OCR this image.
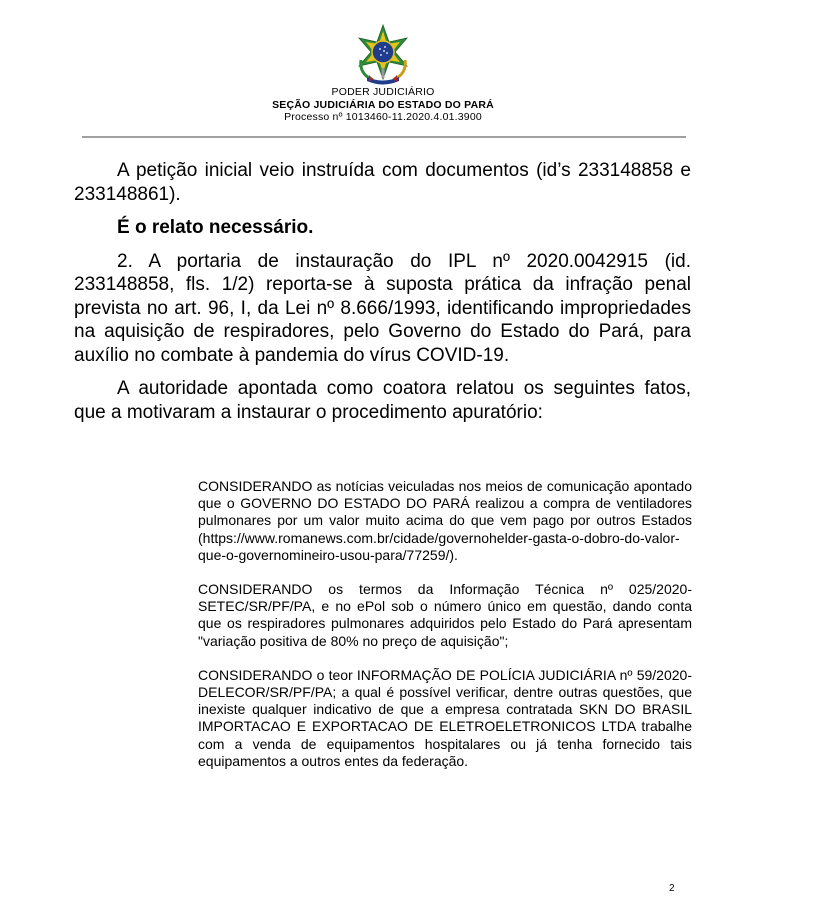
PODER JUDICIÁRIO
SEÇÃO JUDICIÁRIA DO ESTADO DO PARÁ
Processo nº 1013460-11.2020.4.01.3900

A petição inicial veio instruída com documentos (id’s 233148858 e 233148861).

É o relato necessário.

2. A portaria de instauração do IPL nº 2020.0042915 (id. 233148858, fls. 1/2) reporta-se à suposta prática da infração penal prevista no art. 96, I, da Lei nº 8.666/1993, identificando impropriedades na aquisição de respiradores, pelo Governo do Estado do Pará, para auxílio no combate à pandemia do vírus COVID-19.

A autoridade apontada como coatora relatou os seguintes fatos, que a motivaram a instaurar o procedimento apuratório:

CONSIDERANDO as notícias veiculadas nos meios de comunicação apontado que o GOVERNO DO ESTADO DO PARÁ realizou a compra de ventiladores pulmonares por um valor muito acima do que vem pago por outros Estados (https://www.romanews.com.br/cidade/governohelder-gasta-o-dobro-do-valor-que-o-governomineiro-usou-para/77259/).

CONSIDERANDO os termos da Informação Técnica nº 025/2020-SETEC/SR/PF/PA, e no ePol sob o número único em questão, dando conta que os respiradores pulmonares adquiridos pelo Estado do Pará apresentam "variação positiva de 80% no preço de aquisição";

CONSIDERANDO o teor INFORMAÇÃO DE POLÍCIA JUDICIÁRIA nº 59/2020-DELECOR/SR/PF/PA; a qual é possível verificar, dentre outras questões, que inexiste qualquer indicativo de que a empresa contratada SKN DO BRASIL IMPORTACAO E EXPORTACAO DE ELETROELETRONICOS LTDA trabalhe com a venda de equipamentos hospitalares ou já tenha fornecido tais equipamentos a outros entes da federação.

2
